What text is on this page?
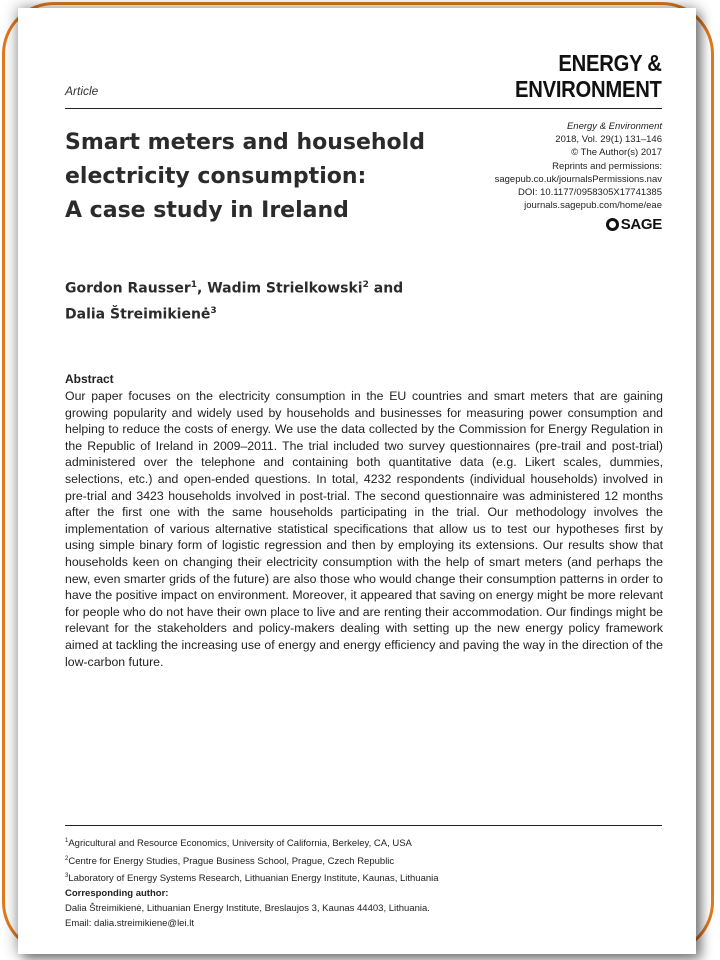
Article
ENERGY &
ENVIRONMENT
Smart meters and household
electricity consumption:
A case study in Ireland
Energy & Environment
2018, Vol. 29(1) 131–146
© The Author(s) 2017
Reprints and permissions:
sagepub.co.uk/journalsPermissions.nav
DOI: 10.1177/0958305X17741385
journals.sagepub.com/home/eae
SAGE

Gordon Rausser$^1$, Wadim Strielkowski$^2$ and
Dalia Štreimikienė$^3$

Abstract

Our paper focuses on the electricity consumption in the EU countries and smart meters that are gaining growing popularity and widely used by households and businesses for measuring power consumption and helping to reduce the costs of energy. We use the data collected by the Commission for Energy Regulation in the Republic of Ireland in 2009–2011. The trial included two survey questionnaires (pre-trail and post-trial) administered over the telephone and containing both quantitative data (e.g. Likert scales, dummies, selections, etc.) and open-ended questions. In total, 4232 respondents (individual households) involved in pre-trial and 3423 households involved in post-trial. The second questionnaire was administered 12 months after the first one with the same households participating in the trial. Our methodology involves the implementation of various alternative statistical specifications that allow us to test our hypotheses first by using simple binary form of logistic regression and then by employing its extensions. Our results show that households keen on changing their electricity consumption with the help of smart meters (and perhaps the new, even smarter grids of the future) are also those who would change their consumption patterns in order to have the positive impact on environment. Moreover, it appeared that saving on energy might be more relevant for people who do not have their own place to live and are renting their accommodation. Our findings might be relevant for the stakeholders and policy-makers dealing with setting up the new energy policy framework aimed at tackling the increasing use of energy and energy efficiency and paving the way in the direction of the low-carbon future.

$^1$Agricultural and Resource Economics, University of California, Berkeley, CA, USA
$^2$Centre for Energy Studies, Prague Business School, Prague, Czech Republic
$^3$Laboratory of Energy Systems Research, Lithuanian Energy Institute, Kaunas, Lithuania
Corresponding author:
Dalia Štreimikienė, Lithuanian Energy Institute, Breslaujos 3, Kaunas 44403, Lithuania.
Email: dalia.streimikiene@lei.lt
